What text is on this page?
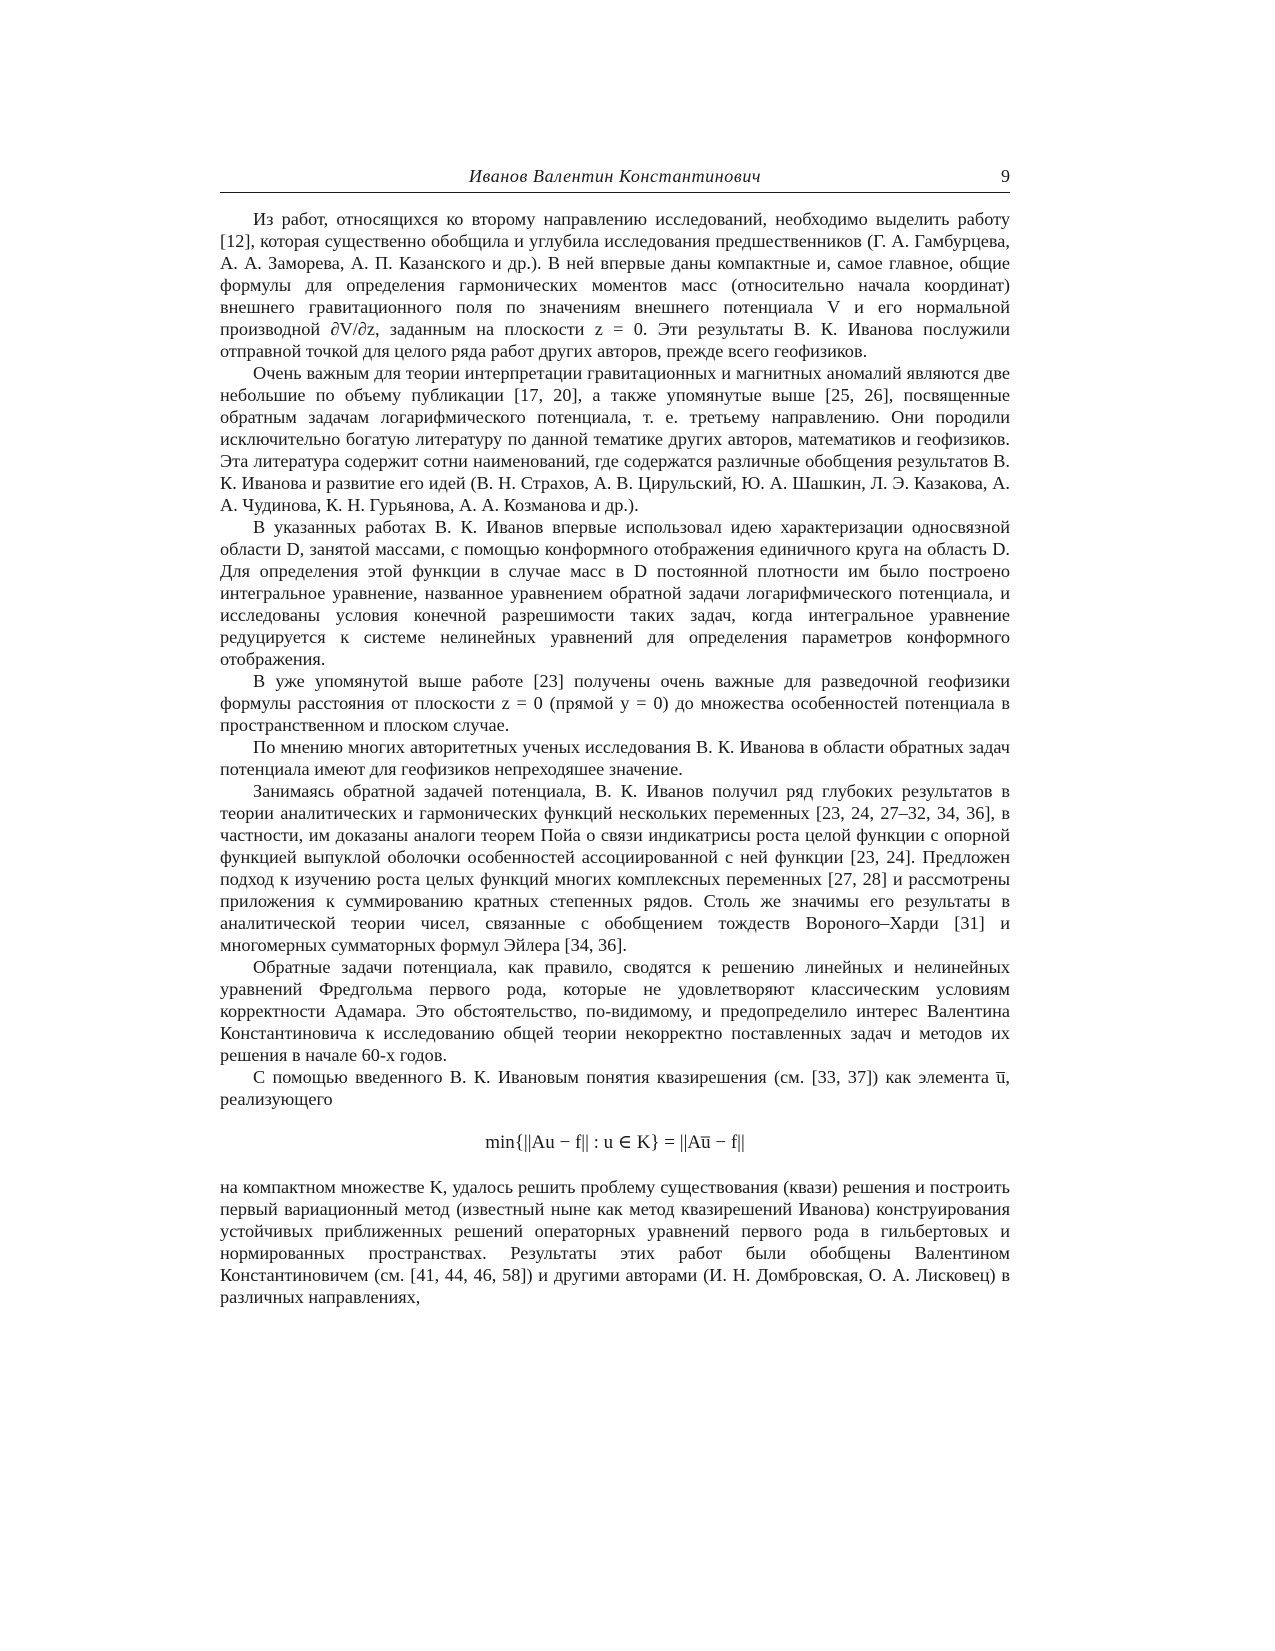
Иванов Валентин Константинович	9

Из работ, относящихся ко второму направлению исследований, необходимо выделить работу [12], которая существенно обобщила и углубила исследования предшественников (Г. А. Гамбурцева, А. А. Заморева, А. П. Казанского и др.). В ней впервые даны компактные и, самое главное, общие формулы для определения гармонических моментов масс (относительно начала координат) внешнего гравитационного поля по значениям внешнего потенциала V и его нормальной производной ∂V/∂z, заданным на плоскости z = 0. Эти результаты В. К. Иванова послужили отправной точкой для целого ряда работ других авторов, прежде всего геофизиков.

Очень важным для теории интерпретации гравитационных и магнитных аномалий являются две небольшие по объему публикации [17, 20], а также упомянутые выше [25, 26], посвященные обратным задачам логарифмического потенциала, т. е. третьему направлению. Они породили исключительно богатую литературу по данной тематике других авторов, математиков и геофизиков. Эта литература содержит сотни наименований, где содержатся различные обобщения результатов В. К. Иванова и развитие его идей (В. Н. Страхов, А. В. Цирульский, Ю. А. Шашкин, Л. Э. Казакова, А. А. Чудинова, К. Н. Гурьянова, А. А. Козманова и др.).

В указанных работах В. К. Иванов впервые использовал идею характеризации односвязной области D, занятой массами, с помощью конформного отображения единичного круга на область D. Для определения этой функции в случае масс в D постоянной плотности им было построено интегральное уравнение, названное уравнением обратной задачи логарифмического потенциала, и исследованы условия конечной разрешимости таких задач, когда интегральное уравнение редуцируется к системе нелинейных уравнений для определения параметров конформного отображения.

В уже упомянутой выше работе [23] получены очень важные для разведочной геофизики формулы расстояния от плоскости z = 0 (прямой y = 0) до множества особенностей потенциала в пространственном и плоском случае.

По мнению многих авторитетных ученых исследования В. К. Иванова в области обратных задач потенциала имеют для геофизиков непреходяшее значение.

Занимаясь обратной задачей потенциала, В. К. Иванов получил ряд глубоких результатов в теории аналитических и гармонических функций нескольких переменных [23, 24, 27–32, 34, 36], в частности, им доказаны аналоги теорем Пойа о связи индикатрисы роста целой функции с опорной функцией выпуклой оболочки особенностей ассоциированной с ней функции [23, 24]. Предложен подход к изучению роста целых функций многих комплексных переменных [27, 28] и рассмотрены приложения к суммированию кратных степенных рядов. Столь же значимы его результаты в аналитической теории чисел, связанные с обобщением тождеств Вороного–Харди [31] и многомерных сумматорных формул Эйлера [34, 36].

Обратные задачи потенциала, как правило, сводятся к решению линейных и нелинейных уравнений Фредгольма первого рода, которые не удовлетворяют классическим условиям корректности Адамара. Это обстоятельство, по-видимому, и предопределило интерес Валентина Константиновича к исследованию общей теории некорректно поставленных задач и методов их решения в начале 60-х годов.

С помощью введенного В. К. Ивановым понятия квазирешения (см. [33, 37]) как элемента u̅, реализующего

min{||Au − f|| : u ∈ K} = ||Au̅ − f||

на компактном множестве K, удалось решить проблему существования (квази) решения и построить первый вариационный метод (известный ныне как метод квазирешений Иванова) конструирования устойчивых приближенных решений операторных уравнений первого рода в гильбертовых и нормированных пространствах. Результаты этих работ были обобщены Валентином Константиновичем (см. [41, 44, 46, 58]) и другими авторами (И. Н. Домбровская, О. А. Лисковец) в различных направлениях,
